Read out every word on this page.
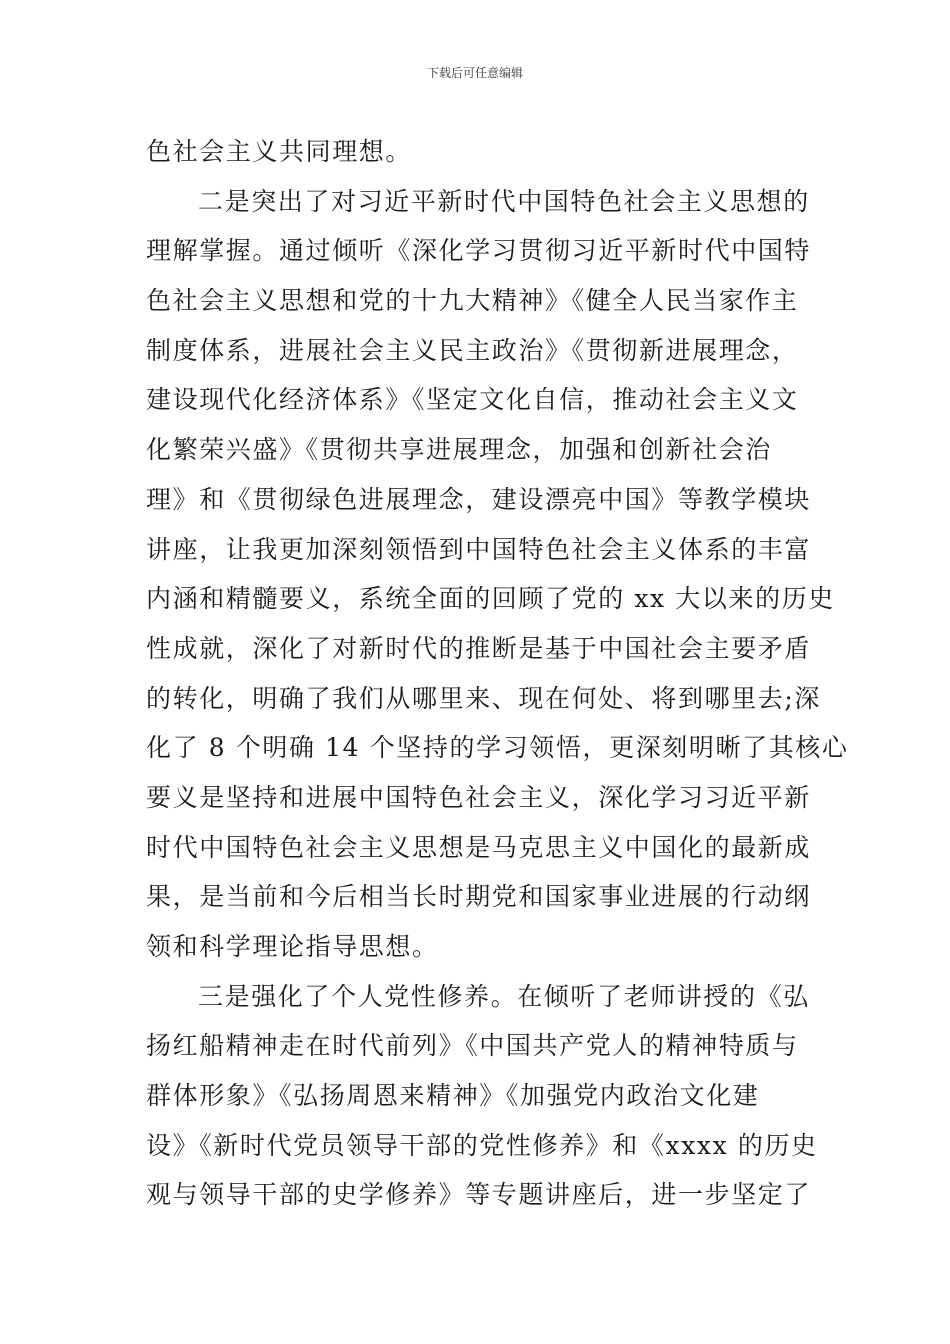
下载后可任意编辑
色社会主义共同理想。
二是突出了对习近平新时代中国特色社会主义思想的
理解掌握。通过倾听《深化学习贯彻习近平新时代中国特
色社会主义思想和党的十九大精神》《健全人民当家作主
制度体系，进展社会主义民主政治》《贯彻新进展理念，
建设现代化经济体系》《坚定文化自信，推动社会主义文
化繁荣兴盛》《贯彻共享进展理念，加强和创新社会治
理》和《贯彻绿色进展理念，建设漂亮中国》等教学模块
讲座，让我更加深刻领悟到中国特色社会主义体系的丰富
内涵和精髓要义，系统全面的回顾了党的 xx 大以来的历史
性成就，深化了对新时代的推断是基于中国社会主要矛盾
的转化，明确了我们从哪里来、现在何处、将到哪里去;深
化了 8 个明确 14 个坚持的学习领悟，更深刻明晰了其核心
要义是坚持和进展中国特色社会主义，深化学习习近平新
时代中国特色社会主义思想是马克思主义中国化的最新成
果，是当前和今后相当长时期党和国家事业进展的行动纲
领和科学理论指导思想。
三是强化了个人党性修养。在倾听了老师讲授的《弘
扬红船精神走在时代前列》《中国共产党人的精神特质与
群体形象》《弘扬周恩来精神》《加强党内政治文化建
设》《新时代党员领导干部的党性修养》和《xxxx 的历史
观与领导干部的史学修养》等专题讲座后，进一步坚定了
